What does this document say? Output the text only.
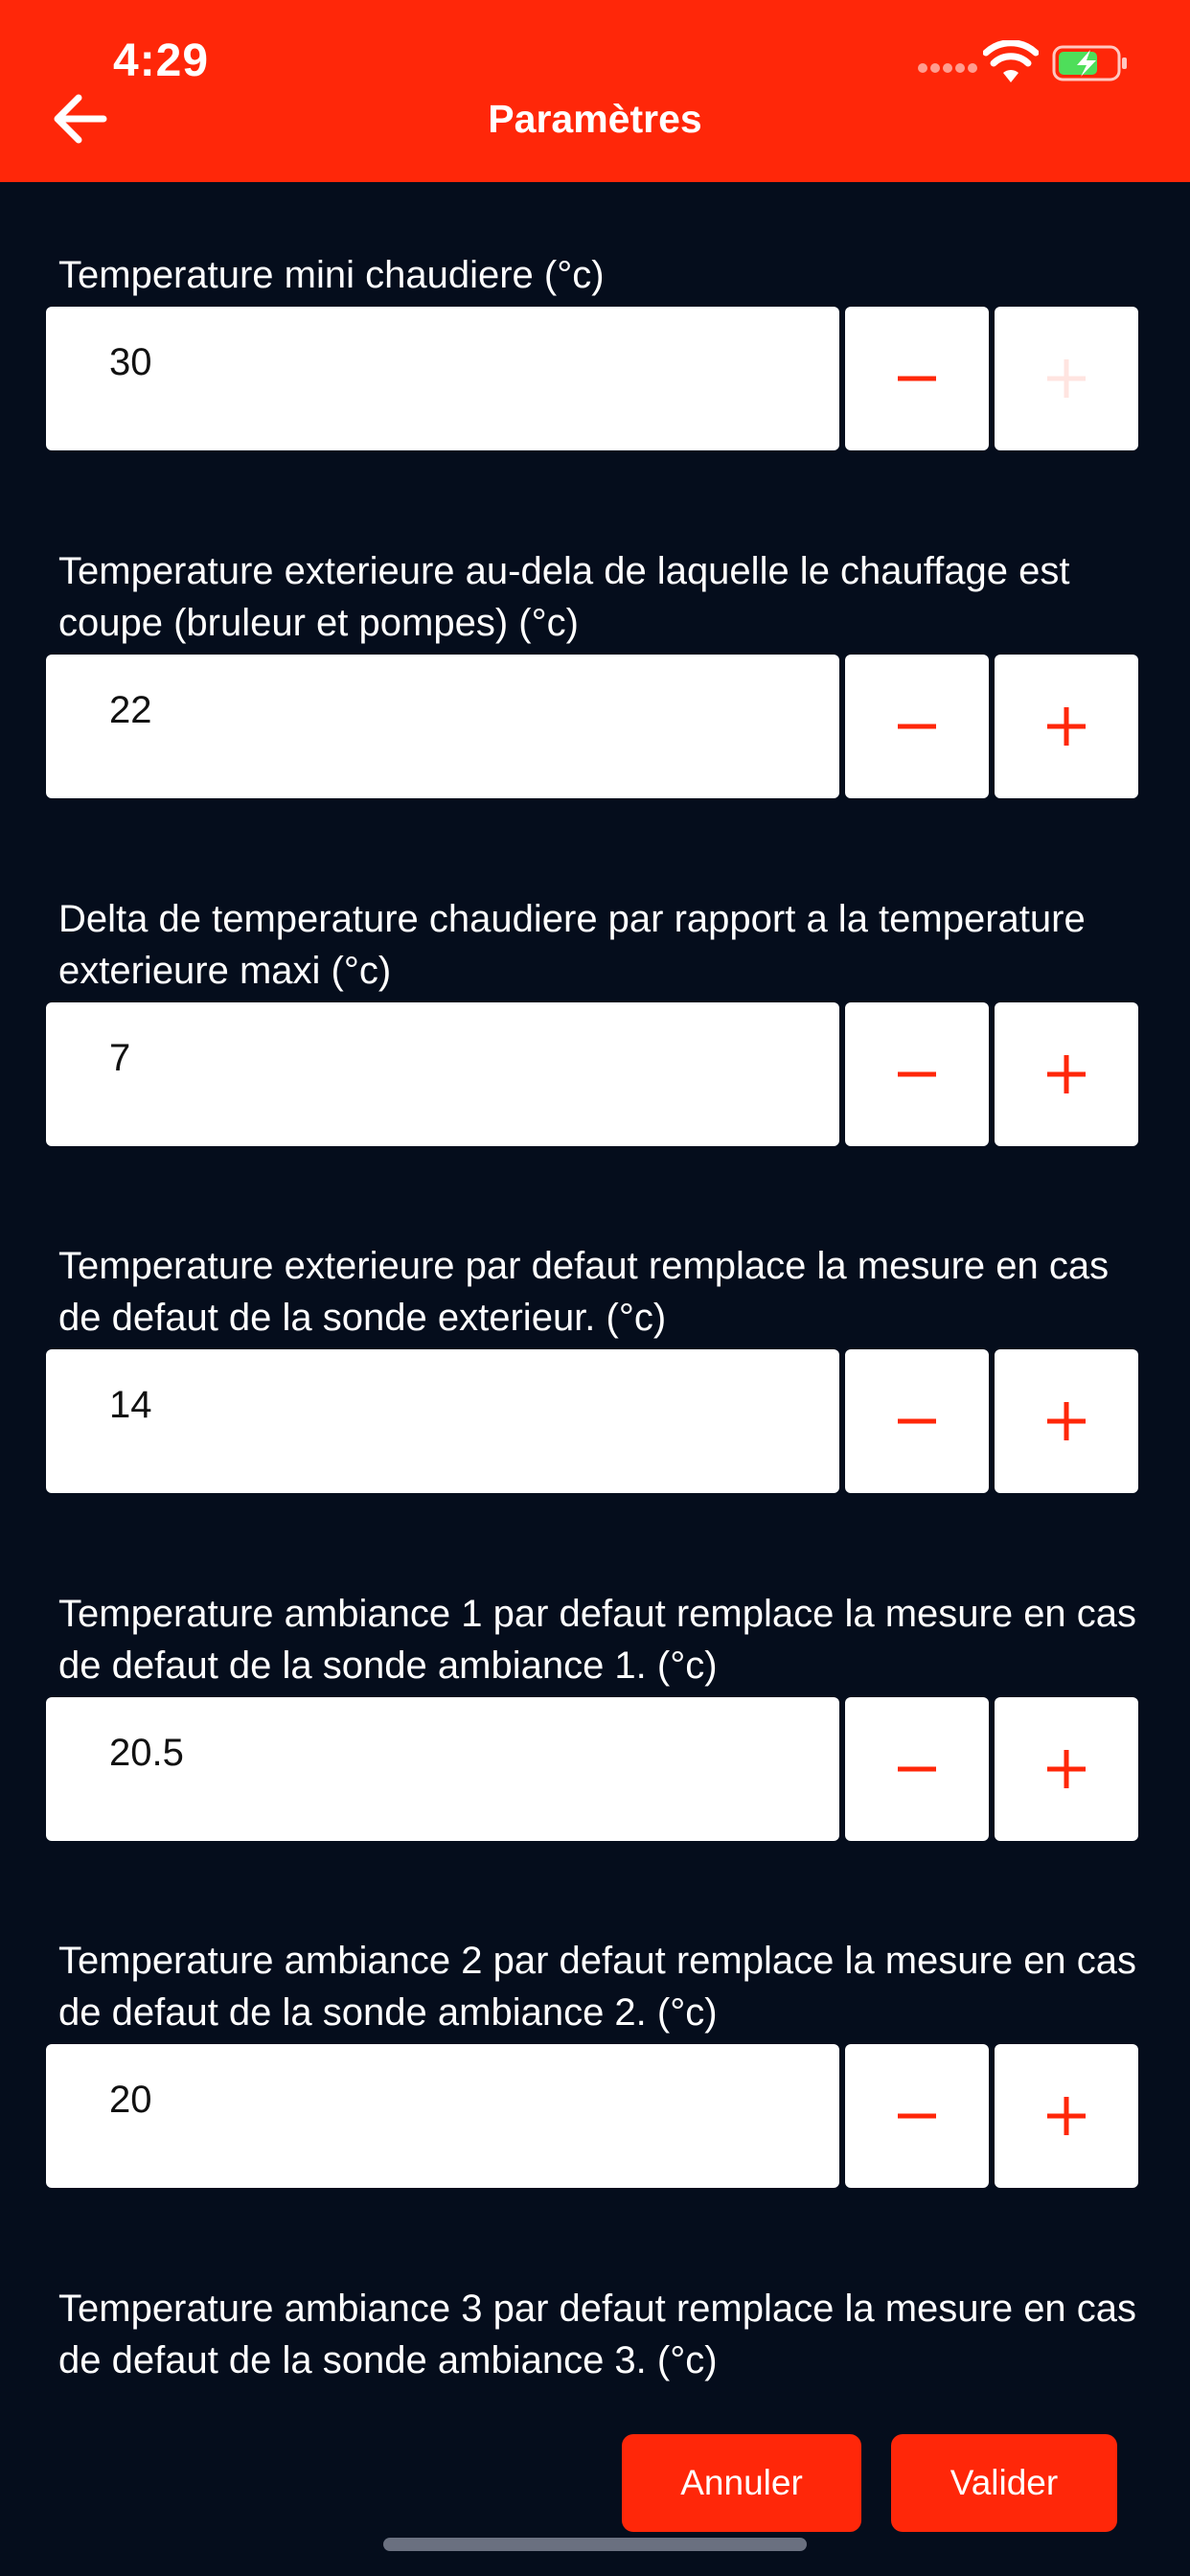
4:29
Paramètres

Temperature mini chaudiere (°c)

30

Temperature exterieure au-dela de laquelle le chauffage est coupe (bruleur et pompes) (°c)

22

Delta de temperature chaudiere par rapport a la temperature exterieure maxi (°c)

7

Temperature exterieure par defaut remplace la mesure en cas de defaut de la sonde exterieur. (°c)

14

Temperature ambiance 1 par defaut remplace la mesure en cas de defaut de la sonde ambiance 1. (°c)

20.5

Temperature ambiance 2 par defaut remplace la mesure en cas de defaut de la sonde ambiance 2. (°c)

20

Temperature ambiance 3 par defaut remplace la mesure en cas de defaut de la sonde ambiance 3. (°c)

Annuler	Valider
